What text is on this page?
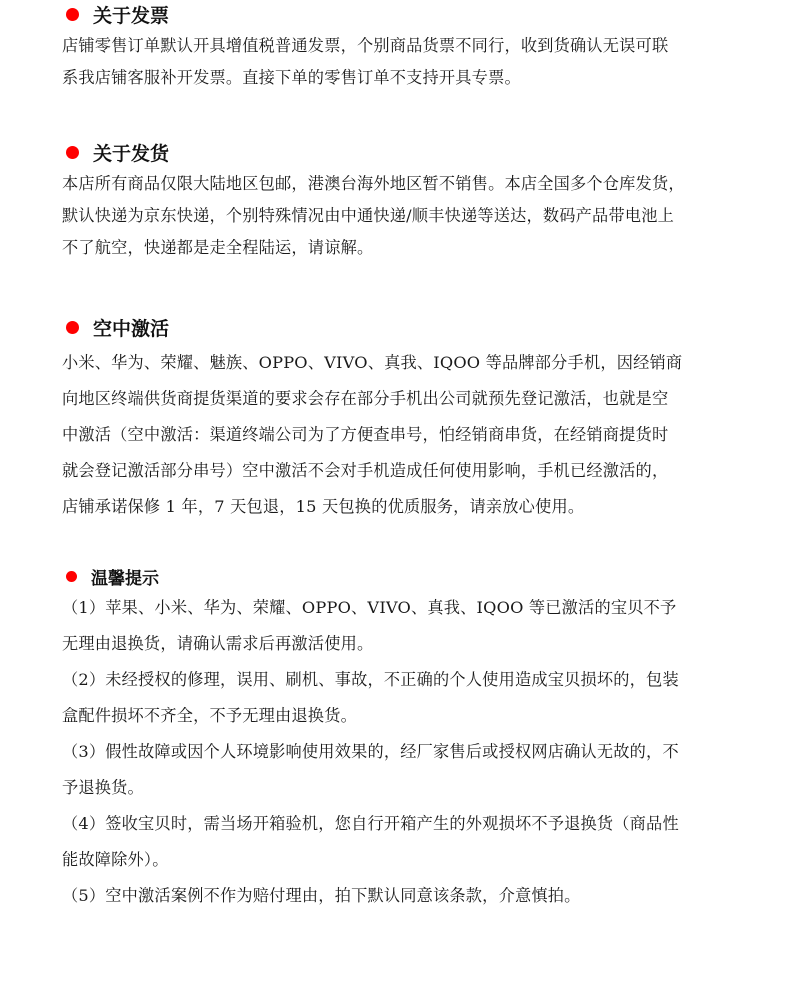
关于发票

店铺零售订单默认开具增值税普通发票，个别商品货票不同行，收到货确认无误可联

系我店铺客服补开发票。直接下单的零售订单不支持开具专票。

关于发货

本店所有商品仅限大陆地区包邮，港澳台海外地区暂不销售。本店全国多个仓库发货，

默认快递为京东快递，个别特殊情况由中通快递/顺丰快递等送达，数码产品带电池上

不了航空，快递都是走全程陆运，请谅解。

空中激活

小米、华为、荣耀、魅族、OPPO、VIVO、真我、IQOO 等品牌部分手机，因经销商

向地区终端供货商提货渠道的要求会存在部分手机出公司就预先登记激活，也就是空

中激活（空中激活：渠道终端公司为了方便查串号，怕经销商串货，在经销商提货时

就会登记激活部分串号）空中激活不会对手机造成任何使用影响，手机已经激活的，

店铺承诺保修 1 年，7 天包退，15 天包换的优质服务，请亲放心使用。

温馨提示

（1）苹果、小米、华为、荣耀、OPPO、VIVO、真我、IQOO 等已激活的宝贝不予

无理由退换货，请确认需求后再激活使用。

（2）未经授权的修理，误用、刷机、事故，不正确的个人使用造成宝贝损坏的，包装

盒配件损坏不齐全，不予无理由退换货。

（3）假性故障或因个人环境影响使用效果的，经厂家售后或授权网店确认无故的，不

予退换货。

（4）签收宝贝时，需当场开箱验机，您自行开箱产生的外观损坏不予退换货（商品性

能故障除外）。

（5）空中激活案例不作为赔付理由，拍下默认同意该条款，介意慎拍。
